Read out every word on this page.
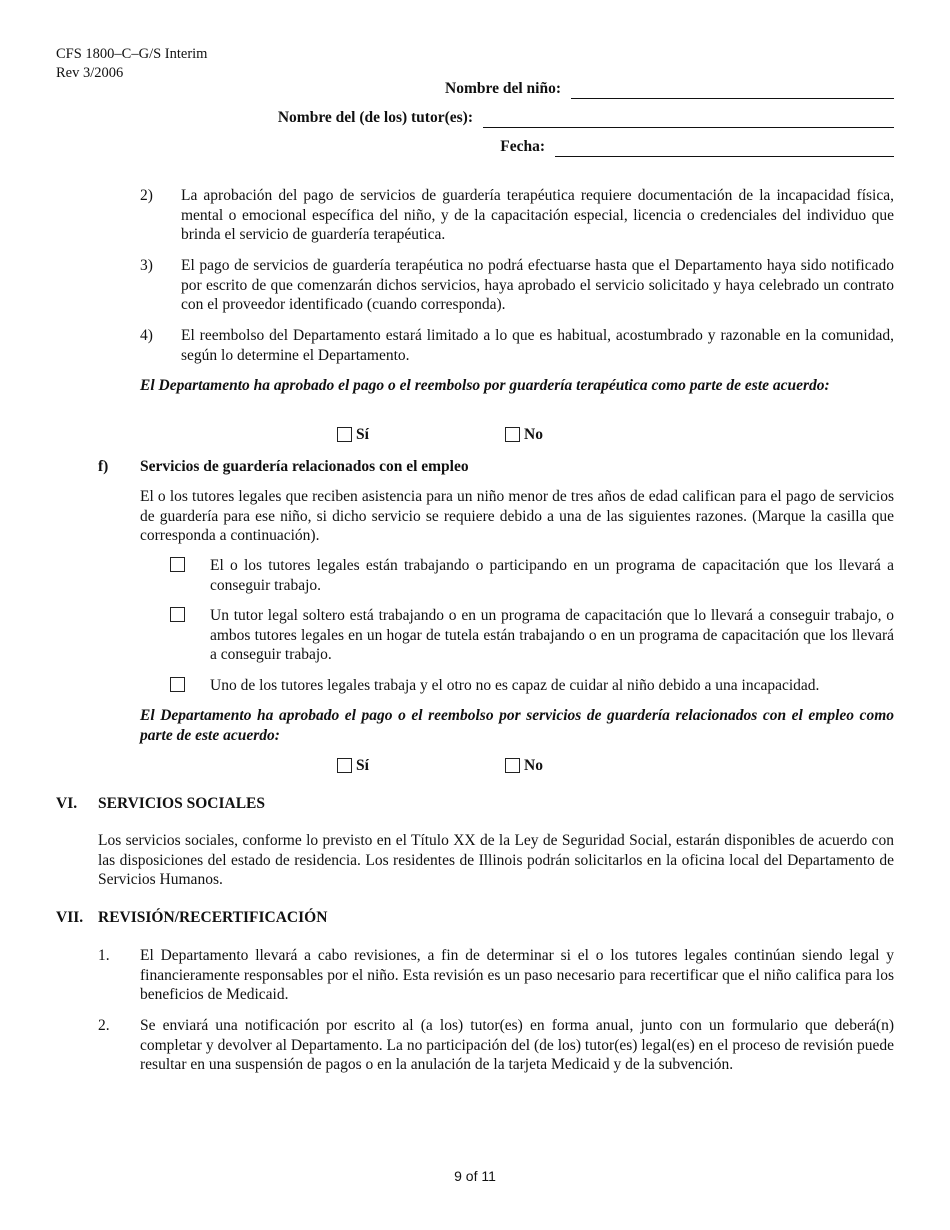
CFS 1800–C–G/S Interim
Rev 3/2006
Nombre del niño:
Nombre del (de los) tutor(es):
Fecha:
2) La aprobación del pago de servicios de guardería terapéutica requiere documentación de la incapacidad física, mental o emocional específica del niño, y de la capacitación especial, licencia o credenciales del individuo que brinda el servicio de guardería terapéutica.
3) El pago de servicios de guardería terapéutica no podrá efectuarse hasta que el Departamento haya sido notificado por escrito de que comenzarán dichos servicios, haya aprobado el servicio solicitado y haya celebrado un contrato con el proveedor identificado (cuando corresponda).
4) El reembolso del Departamento estará limitado a lo que es habitual, acostumbrado y razonable en la comunidad, según lo determine el Departamento.
El Departamento ha aprobado el pago o el reembolso por guardería terapéutica como parte de este acuerdo:
Sí	No
f) Servicios de guardería relacionados con el empleo
El o los tutores legales que reciben asistencia para un niño menor de tres años de edad califican para el pago de servicios de guardería para ese niño, si dicho servicio se requiere debido a una de las siguientes razones. (Marque la casilla que corresponda a continuación).
El o los tutores legales están trabajando o participando en un programa de capacitación que los llevará a conseguir trabajo.
Un tutor legal soltero está trabajando o en un programa de capacitación que lo llevará a conseguir trabajo, o ambos tutores legales en un hogar de tutela están trabajando o en un programa de capacitación que los llevará a conseguir trabajo.
Uno de los tutores legales trabaja y el otro no es capaz de cuidar al niño debido a una incapacidad.
El Departamento ha aprobado el pago o el reembolso por servicios de guardería relacionados con el empleo como parte de este acuerdo:
Sí	No
VI. SERVICIOS SOCIALES
Los servicios sociales, conforme lo previsto en el Título XX de la Ley de Seguridad Social, estarán disponibles de acuerdo con las disposiciones del estado de residencia. Los residentes de Illinois podrán solicitarlos en la oficina local del Departamento de Servicios Humanos.
VII. REVISIÓN/RECERTIFICACIÓN
1. El Departamento llevará a cabo revisiones, a fin de determinar si el o los tutores legales continúan siendo legal y financieramente responsables por el niño. Esta revisión es un paso necesario para recertificar que el niño califica para los beneficios de Medicaid.
2. Se enviará una notificación por escrito al (a los) tutor(es) en forma anual, junto con un formulario que deberá(n) completar y devolver al Departamento. La no participación del (de los) tutor(es) legal(es) en el proceso de revisión puede resultar en una suspensión de pagos o en la anulación de la tarjeta Medicaid y de la subvención.
9 of 11
